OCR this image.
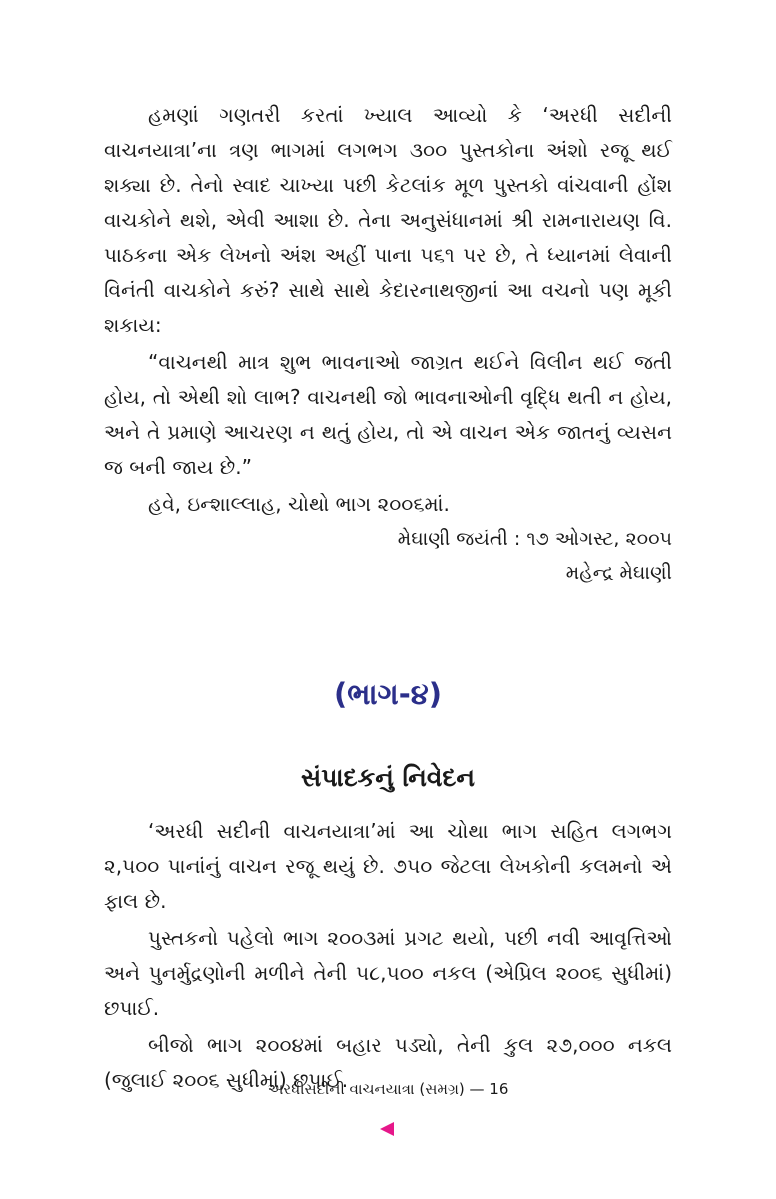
હમણાં ગણતરી કરતાં ખ્યાલ આવ્યો કે ‘અરધી સદીની વાચનયાત્રા’ના ત્રણ ભાગમાં લગભગ ૩૦૦ પુસ્તકોના અંશો રજૂ થઈ શક્યા છે. તેનો સ્વાદ ચાખ્યા પછી કેટલાંક મૂળ પુસ્તકો વાંચવાની હોંશ વાચકોને થશે, એવી આશા છે. તેના અનુસંધાનમાં શ્રી રામનારાયણ વિ. પાઠકના એક લેખનો અંશ અહીં પાના ૫૬૧ પર છે, તે ધ્યાનમાં લેવાની વિનંતી વાચકોને કરું? સાથે સાથે કેદારનાથજીનાં આ વચનો પણ મૂકી શકાય:

“વાચનથી માત્ર શુભ ભાવનાઓ જાગ્રત થઈને વિલીન થઈ જતી હોય, તો એથી શો લાભ? વાચનથી જો ભાવનાઓની વૃદ્ધિ થતી ન હોય, અને તે પ્રમાણે આચરણ ન થતું હોય, તો એ વાચન એક જાતનું વ્યસન જ બની જાય છે.”

હવે, ઇન્શાલ્લાહ, ચોથો ભાગ ૨૦૦૬માં.

મેઘાણી જયંતી : ૧૭ ઓગસ્ટ, ૨૦૦૫

મહેન્દ્ર મેઘાણી

(ભાગ-૪)
સંપાદકનું નિવેદન

‘અરધી સદીની વાચનયાત્રા’માં આ ચોથા ભાગ સહિત લગભગ ૨,૫૦૦ પાનાંનું વાચન રજૂ થયું છે. ૭૫૦ જેટલા લેખકોની કલમનો એ ફાલ છે.

પુસ્તકનો પહેલો ભાગ ૨૦૦૩માં પ્રગટ થયો, પછી નવી આવૃત્તિઓ અને પુનર્મુદ્રણોની મળીને તેની ૫૮,૫૦૦ નકલ (એપ્રિલ ૨૦૦૬ સુધીમાં) છપાઈ.

બીજો ભાગ ૨૦૦૪માં બહાર પડ્યો, તેની કુલ ૨૭,૦૦૦ નકલ (જુલાઈ ૨૦૦૬ સુધીમાં) છપાઈ.

અરધીસદીની વાચનયાત્રા (સમગ્ર) — 16
